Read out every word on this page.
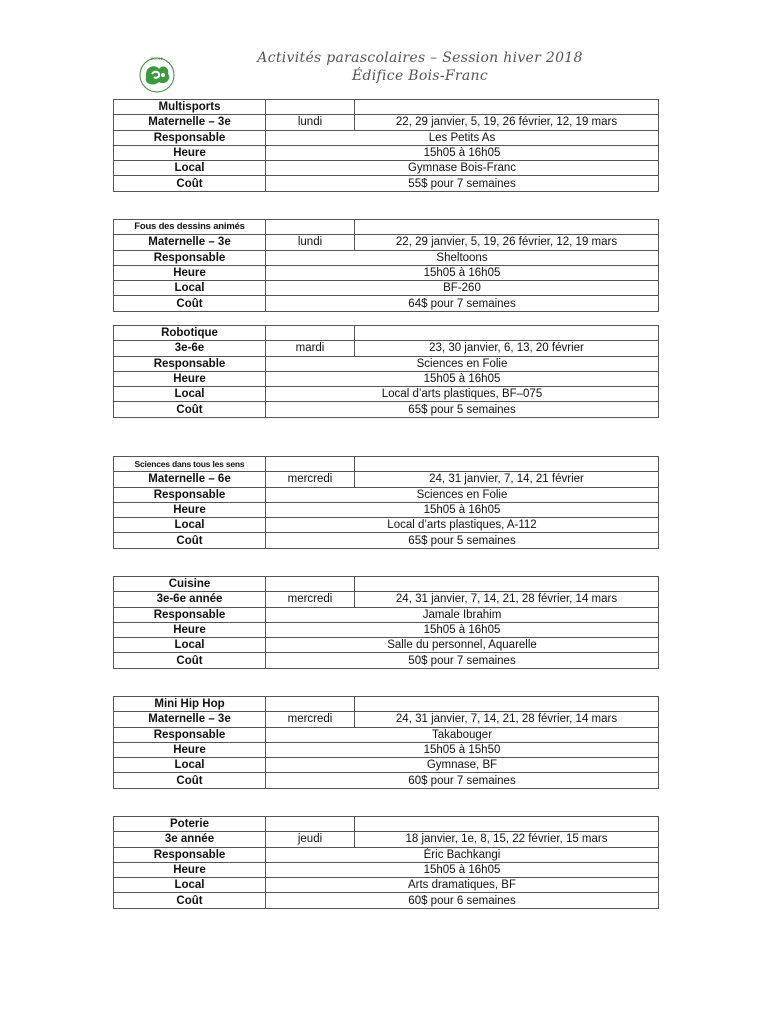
ÉCOLE	Activités parascolaires – Session hiver 2018
Édifice Bois-Franc
Multisports		
Maternelle – 3e	lundi	22, 29 janvier, 5, 19, 26 février, 12, 19 mars
Responsable	Les Petits As	
Heure	15h05 à 16h05	
Local	Gymnase Bois-Franc	
Coût	55$ pour 7 semaines	
Fous des dessins animés		
Maternelle – 3e	lundi	22, 29 janvier, 5, 19, 26 février, 12, 19 mars
Responsable	Sheltoons	
Heure	15h05 à 16h05	
Local	BF-260	
Coût	64$ pour 7 semaines	
Robotique		
3e-6e	mardi	23, 30 janvier, 6, 13, 20 février
Responsable	Sciences en Folie	
Heure	15h05 à 16h05	
Local	Local d’arts plastiques, BF–075	
Coût	65$ pour 5 semaines	
Sciences dans tous les sens		
Maternelle – 6e	mercredi	24, 31 janvier, 7, 14, 21 février
Responsable	Sciences en Folie	
Heure	15h05 à 16h05	
Local	Local d’arts plastiques, A-112	
Coût	65$ pour 5 semaines	
Cuisine		
3e-6e année	mercredi	24, 31 janvier, 7, 14, 21, 28 février, 14 mars
Responsable	Jamale Ibrahim	
Heure	15h05 à 16h05	
Local	Salle du personnel, Aquarelle	
Coût	50$ pour 7 semaines	
Mini Hip Hop		
Maternelle – 3e	mercredi	24, 31 janvier, 7, 14, 21, 28 février, 14 mars
Responsable	Takabouger	
Heure	15h05 à 15h50	
Local	Gymnase, BF	
Coût	60$ pour 7 semaines	
Poterie		
3e année	jeudi	18 janvier, 1e, 8, 15, 22 février, 15 mars
Responsable	Éric Bachkangi	
Heure	15h05 à 16h05	
Local	Arts dramatiques, BF	
Coût	60$ pour 6 semaines	
